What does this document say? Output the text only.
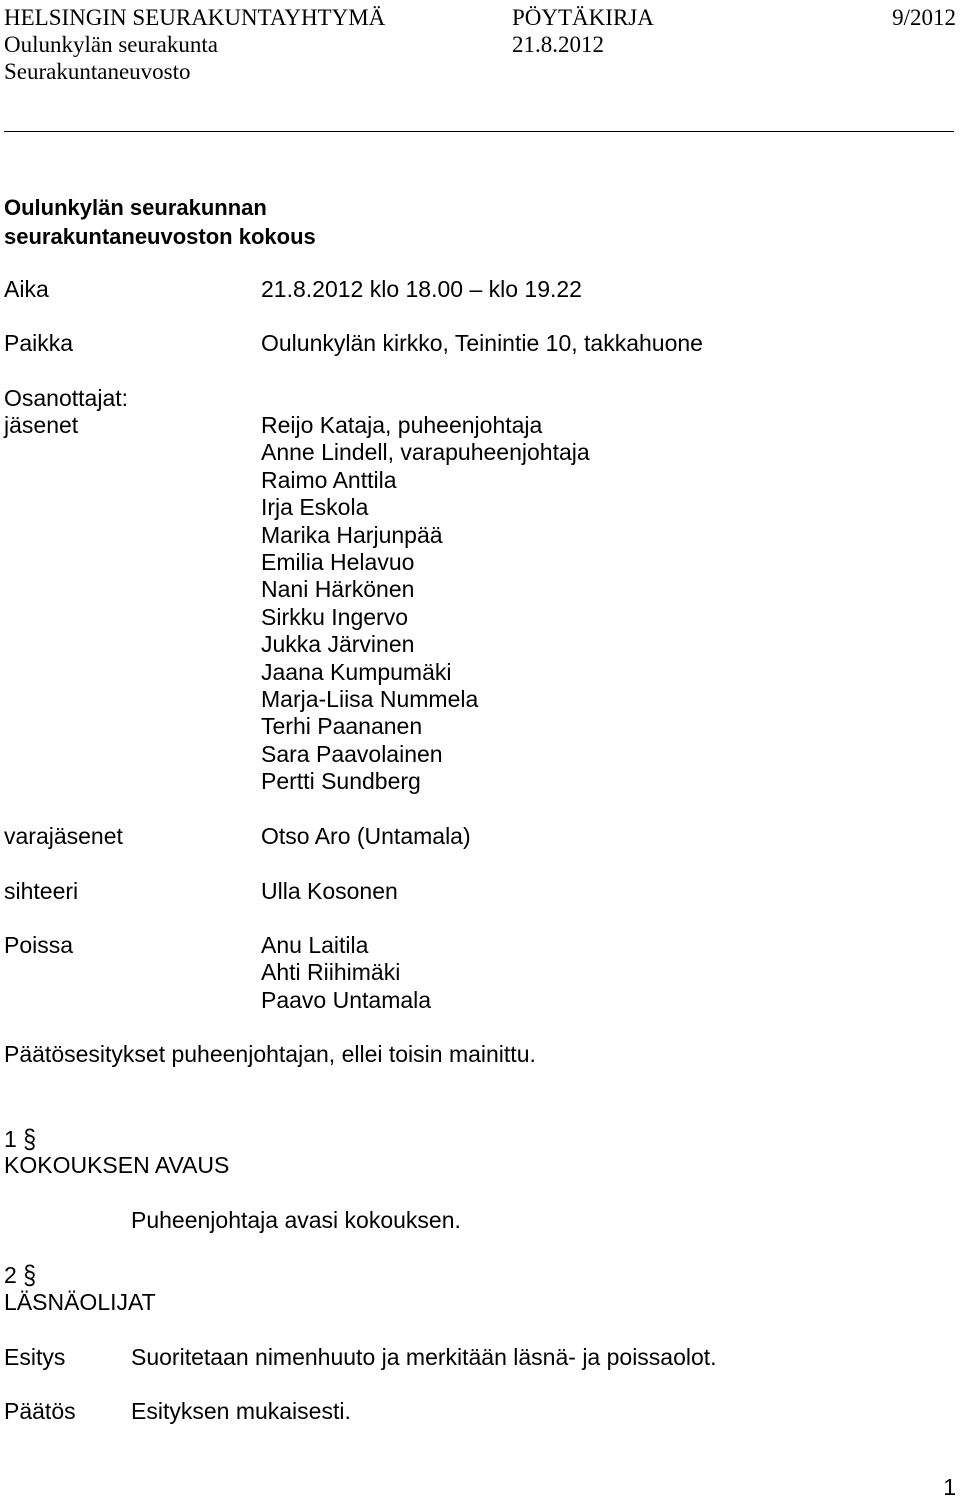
HELSINGIN SEURAKUNTAYHTYMÄ	PÖYTÄKIRJA	9/2012
Oulunkylän seurakunta	21.8.2012
Seurakuntaneuvosto
Oulunkylän seurakunnan
seurakuntaneuvoston kokous
Aika	21.8.2012 klo 18.00 – klo 19.22
Paikka	Oulunkylän kirkko, Teinintie 10, takkahuone
Osanottajat:
jäsenet	Reijo Kataja, puheenjohtaja
Anne Lindell, varapuheenjohtaja
Raimo Anttila
Irja Eskola
Marika Harjunpää
Emilia Helavuo
Nani Härkönen
Sirkku Ingervo
Jukka Järvinen
Jaana Kumpumäki
Marja-Liisa Nummela
Terhi Paananen
Sara Paavolainen
Pertti Sundberg
varajäsenet	Otso Aro (Untamala)
sihteeri	Ulla Kosonen
Poissa	Anu Laitila
Ahti Riihimäki
Paavo Untamala
Päätösesitykset puheenjohtajan, ellei toisin mainittu.
1 §
KOKOUKSEN AVAUS
Puheenjohtaja avasi kokouksen.
2 §
LÄSNÄOLIJAT
Esitys	Suoritetaan nimenhuuto ja merkitään läsnä- ja poissaolot.
Päätös Esityksen mukaisesti.
1
